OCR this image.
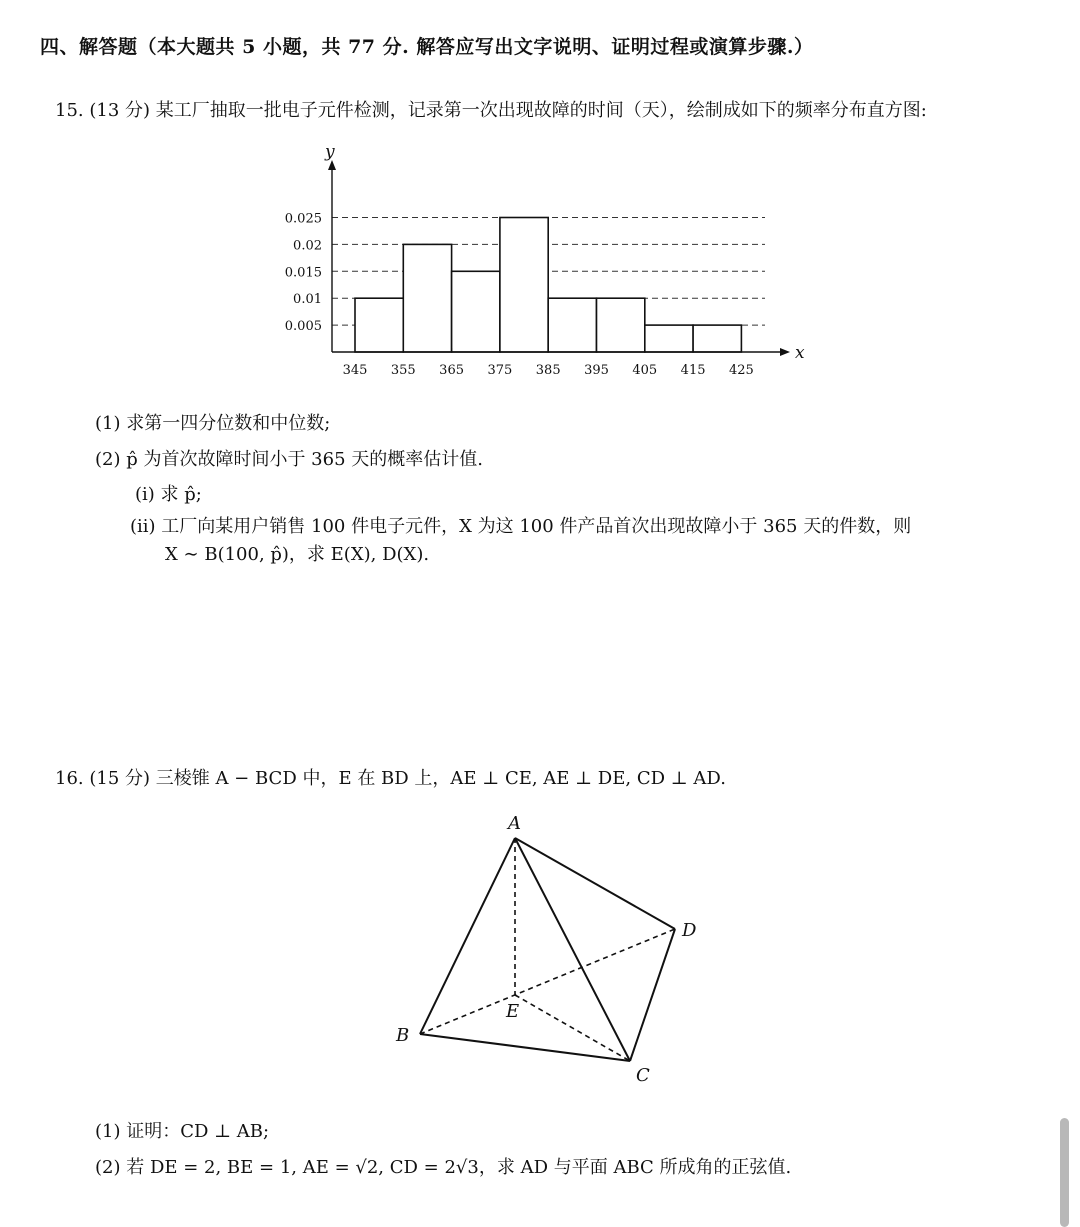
四、解答题（本大题共 5 小题，共 77 分. 解答应写出文字说明、证明过程或演算步骤.）
15. (13 分) 某工厂抽取一批电子元件检测，记录第一次出现故障的时间（天），绘制成如下的频率分布直方图:
y
x
0.005
0.01
0.015
0.02
0.025
345 355 365 375 385 395 405 415 425
(1) 求第一四分位数和中位数;
(2) p̂ 为首次故障时间小于 365 天的概率估计值.
(i) 求 p̂;
(ii) 工厂向某用户销售 100 件电子元件，X 为这 100 件产品首次出现故障小于 365 天的件数，则
X ∼ B(100, p̂)，求 E(X), D(X).
16. (15 分) 三棱锥 A − BCD 中，E 在 BD 上，AE ⊥ CE, AE ⊥ DE, CD ⊥ AD.
A
B
C
D
E
(1) 证明：CD ⊥ AB;
(2) 若 DE = 2, BE = 1, AE = √2, CD = 2√3，求 AD 与平面 ABC 所成角的正弦值.
